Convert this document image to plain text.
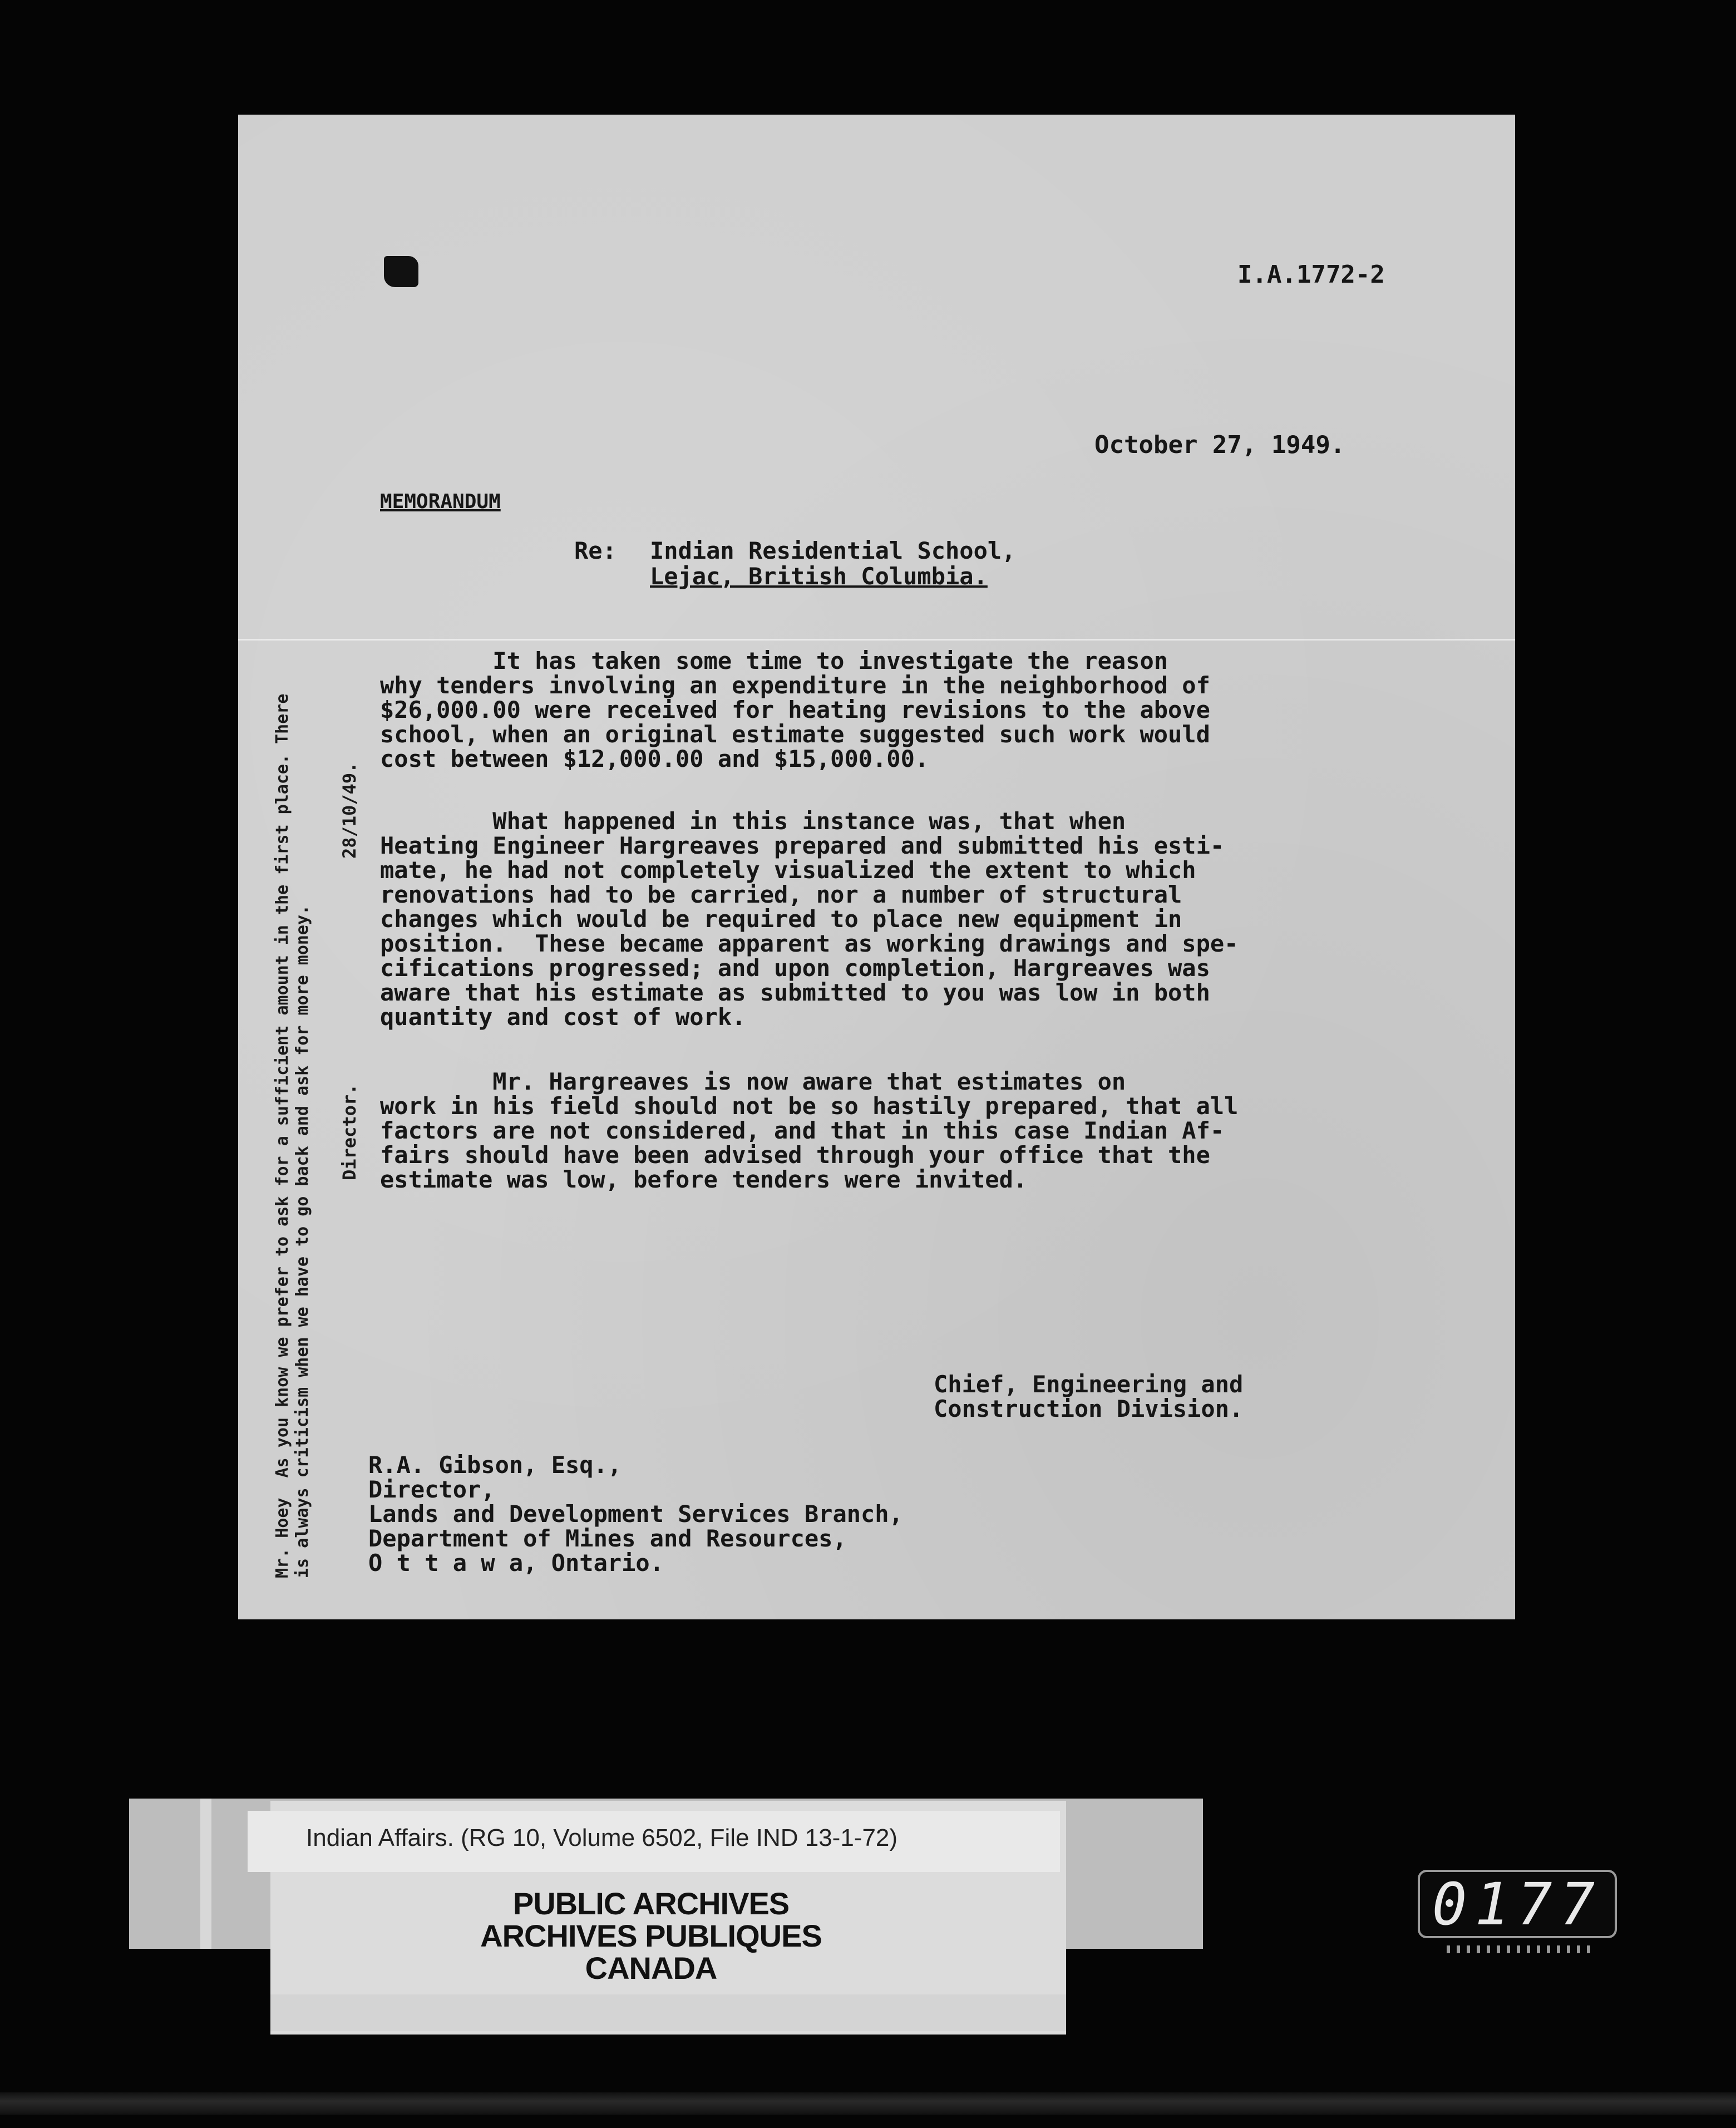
I.A.1772-2

October 27, 1949.

MEMORANDUM

Re: Indian Residential School,

Lejac, British Columbia.

It has taken some time to investigate the reason
why tenders involving an expenditure in the neighborhood of
$26,000.00 were received for heating revisions to the above
school, when an original estimate suggested such work would
cost between $12,000.00 and $15,000.00.

What happened in this instance was, that when
Heating Engineer Hargreaves prepared and submitted his esti-
mate, he had not completely visualized the extent to which
renovations had to be carried, nor a number of structural
changes which would be required to place new equipment in
position.  These became apparent as working drawings and spe-
cifications progressed; and upon completion, Hargreaves was
aware that his estimate as submitted to you was low in both
quantity and cost of work.

Mr. Hargreaves is now aware that estimates on
work in his field should not be so hastily prepared, that all
factors are not considered, and that in this case Indian Af-
fairs should have been advised through your office that the
estimate was low, before tenders were invited.

Chief, Engineering and
Construction Division.

R.A. Gibson, Esq.,
Director,
Lands and Development Services Branch,
Department of Mines and Resources,
O t t a w a, Ontario.

Mr. Hoey  As you know we prefer to ask for a sufficient amount in the first place. There
is always criticism when we have to go back and ask for more money. Director.                     28/10/49.
Indian Affairs. (RG 10, Volume 6502, File IND 13-1-72)
PUBLIC ARCHIVES
ARCHIVES PUBLIQUES
CANADA
0177
